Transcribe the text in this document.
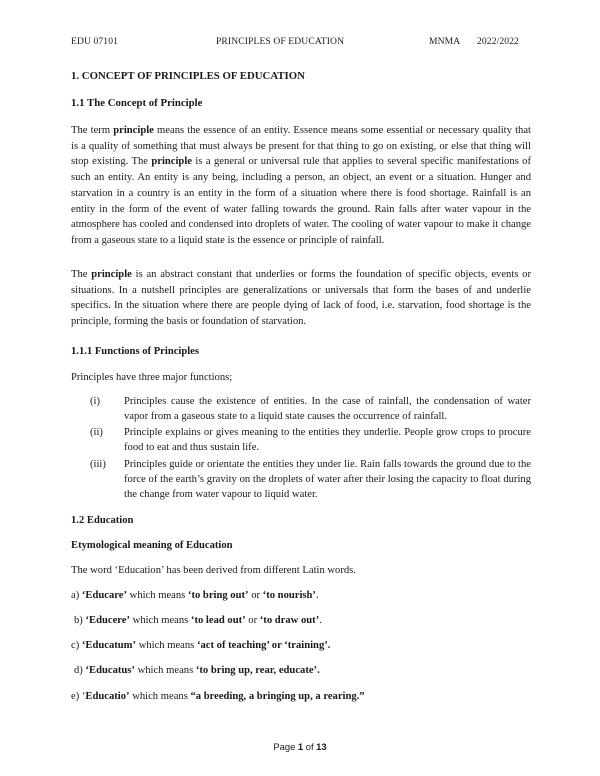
EDU 07101	PRINCIPLES OF EDUCATION	MNMA 2022/2022
1. CONCEPT OF PRINCIPLES OF EDUCATION
1.1 The Concept of Principle

The term principle means the essence of an entity. Essence means some essential or necessary quality that is a quality of something that must always be present for that thing to go on existing, or else that thing will stop existing. The principle is a general or universal rule that applies to several specific manifestations of such an entity. An entity is any being, including a person, an object, an event or a situation. Hunger and starvation in a country is an entity in the form of a situation where there is food shortage. Rainfall is an entity in the form of the event of water falling towards the ground. Rain falls after water vapour in the atmosphere has cooled and condensed into droplets of water. The cooling of water vapour to make it change from a gaseous state to a liquid state is the essence or principle of rainfall.

The principle is an abstract constant that underlies or forms the foundation of specific objects, events or situations. In a nutshell principles are generalizations or universals that form the bases of and underlie specifics. In the situation where there are people dying of lack of food, i.e. starvation, food shortage is the principle, forming the basis or foundation of starvation.

1.1.1 Functions of Principles
Principles have three major functions;
(i) Principles cause the existence of entities. In the case of rainfall, the condensation of water vapor from a gaseous state to a liquid state causes the occurrence of rainfall.
(ii) Principle explains or gives meaning to the entities they underlie. People grow crops to procure food to eat and thus sustain life.
(iii) Principles guide or orientate the entities they under lie. Rain falls towards the ground due to the force of the earth’s gravity on the droplets of water after their losing the capacity to float during the change from water vapour to liquid water.
1.2 Education
Etymological meaning of Education
The word ‘Education’ has been derived from different Latin words.
a) ‘Educare’ which means ‘to bring out’ or ‘to nourish’.
b) ‘Educere’ which means ‘to lead out’ or ‘to draw out’.
c) ‘Educatum’ which means ‘act of teaching’ or ‘training’.
d) ‘Educatus’ which means ‘to bring up, rear, educate’.
e) ‘Educatio’ which means “a breeding, a bringing up, a rearing.”
Page 1 of 13
